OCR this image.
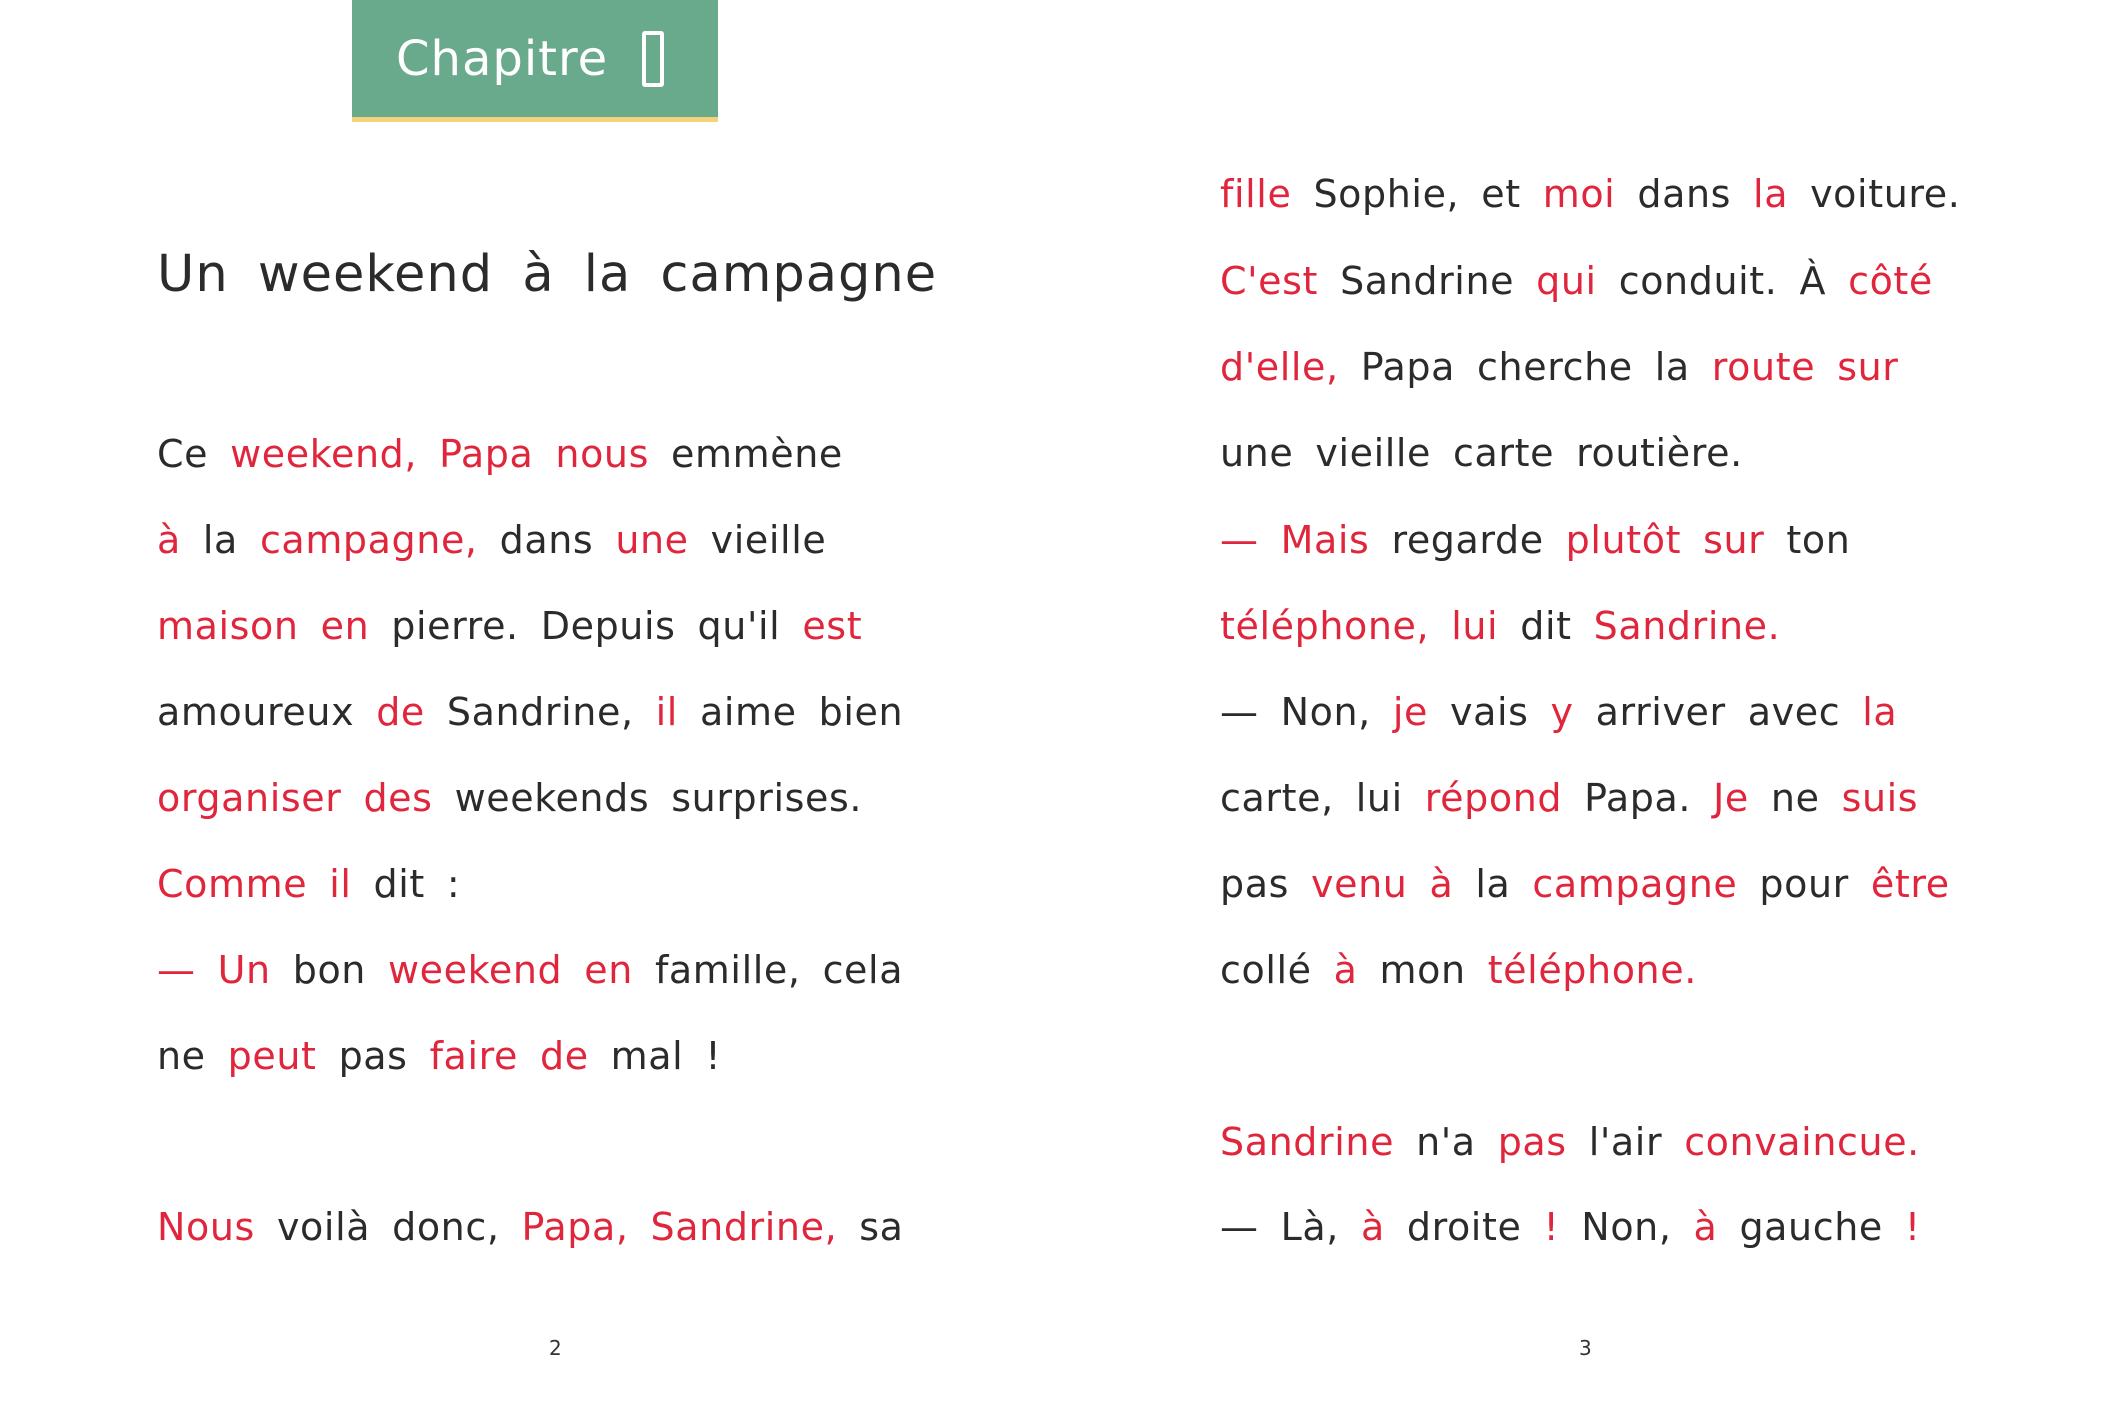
Chapitre
Un weekend à la campagne
Ce weekend, Papa nous emmène
à la campagne, dans une vieille
maison en pierre. Depuis qu'il est
amoureux de Sandrine, il aime bien
organiser des weekends surprises.
Comme il dit :
— Un bon weekend en famille, cela
ne peut pas faire de mal !
Nous voilà donc, Papa, Sandrine, sa
2
fille Sophie, et moi dans la voiture.
C'est Sandrine qui conduit. À côté
d'elle, Papa cherche la route sur
une vieille carte routière.
— Mais regarde plutôt sur ton
téléphone, lui dit Sandrine.
— Non, je vais y arriver avec la
carte, lui répond Papa. Je ne suis
pas venu à la campagne pour être
collé à mon téléphone.
Sandrine n'a pas l'air convaincue.
— Là, à droite ! Non, à gauche !
3
